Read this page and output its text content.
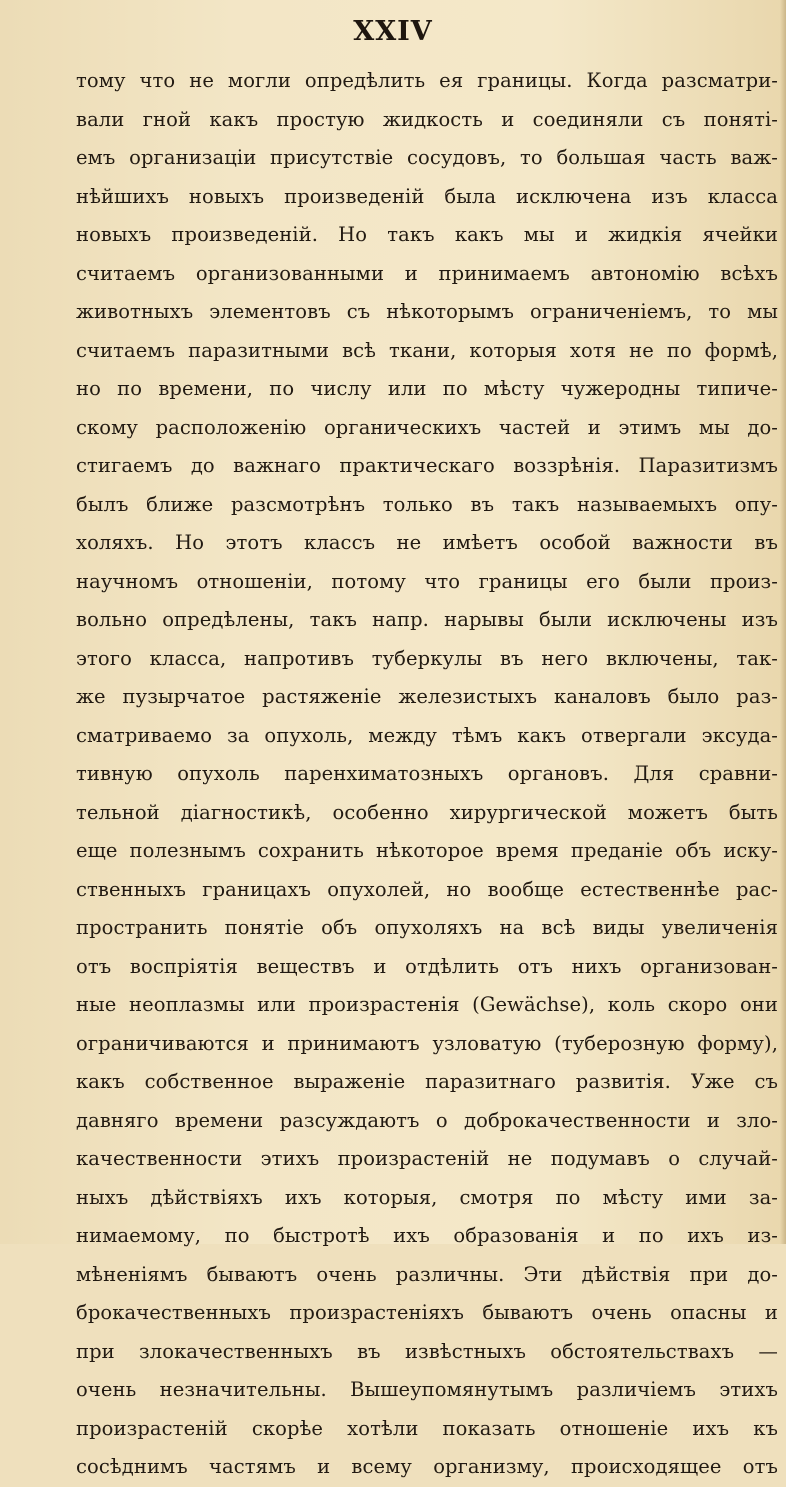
XXIV
тому что не могли опредѣлить ея границы. Когда разсматри-
вали гной какъ простую жидкость и соединяли съ понятi-
емъ организацiи присутствiе сосудовъ, то большая часть важ-
нѣйшихъ новыхъ произведенiй была исключена изъ класса
новыхъ произведенiй. Но такъ какъ мы и жидкiя ячейки
считаемъ организованными и принимаемъ автономiю всѣхъ
животныхъ элементовъ съ нѣкоторымъ ограниченiемъ, то мы
считаемъ паразитными всѣ ткани, которыя хотя не по формѣ,
но по времени, по числу или по мѣсту чужеродны типиче-
скому расположенiю органическихъ частей и этимъ мы до-
стигаемъ до важнаго практическаго воззрѣнiя. Паразитизмъ
былъ ближе разсмотрѣнъ только въ такъ называемыхъ опу-
холяхъ. Но этотъ классъ не имѣетъ особой важности въ
научномъ отношенiи, потому что границы его были произ-
вольно опредѣлены, такъ напр. нарывы были исключены изъ
этого класса, напротивъ туберкулы въ него включены, так-
же пузырчатое растяженiе железистыхъ каналовъ было раз-
сматриваемо за опухоль, между тѣмъ какъ отвергали эксуда-
тивную опухоль паренхиматозныхъ органовъ. Для сравни-
тельной дiагностикѣ, особенно хирургической можетъ быть
еще полезнымъ сохранить нѣкоторое время преданiе объ иску-
ственныхъ границахъ опухолей, но вообще естественнѣе рас-
пространить понятiе объ опухоляхъ на всѣ виды увеличенiя
отъ воспрiятiя веществъ и отдѣлить отъ нихъ организован-
ные неоплазмы или произрастенiя (Gewächse), коль скоро они
ограничиваются и принимаютъ узловатую (туберозную форму),
какъ собственное выраженiе паразитнаго развитiя. Уже съ
давняго времени разсуждаютъ о доброкачественности и зло-
качественности этихъ произрастенiй не подумавъ о случай-
ныхъ дѣйствiяхъ ихъ которыя, смотря по мѣсту ими за-
нимаемому, по быстротѣ ихъ образованiя и по ихъ из-
мѣненiямъ бываютъ очень различны. Эти дѣйствiя при до-
брокачественныхъ произрастенiяхъ бываютъ очень опасны и
при злокачественныхъ въ извѣстныхъ обстоятельствахъ —
очень незначительны. Вышеупомянутымъ различiемъ этихъ
произрастенiй скорѣе хотѣли показать отношенiе ихъ къ
сосѣднимъ частямъ и всему организму, происходящее отъ
